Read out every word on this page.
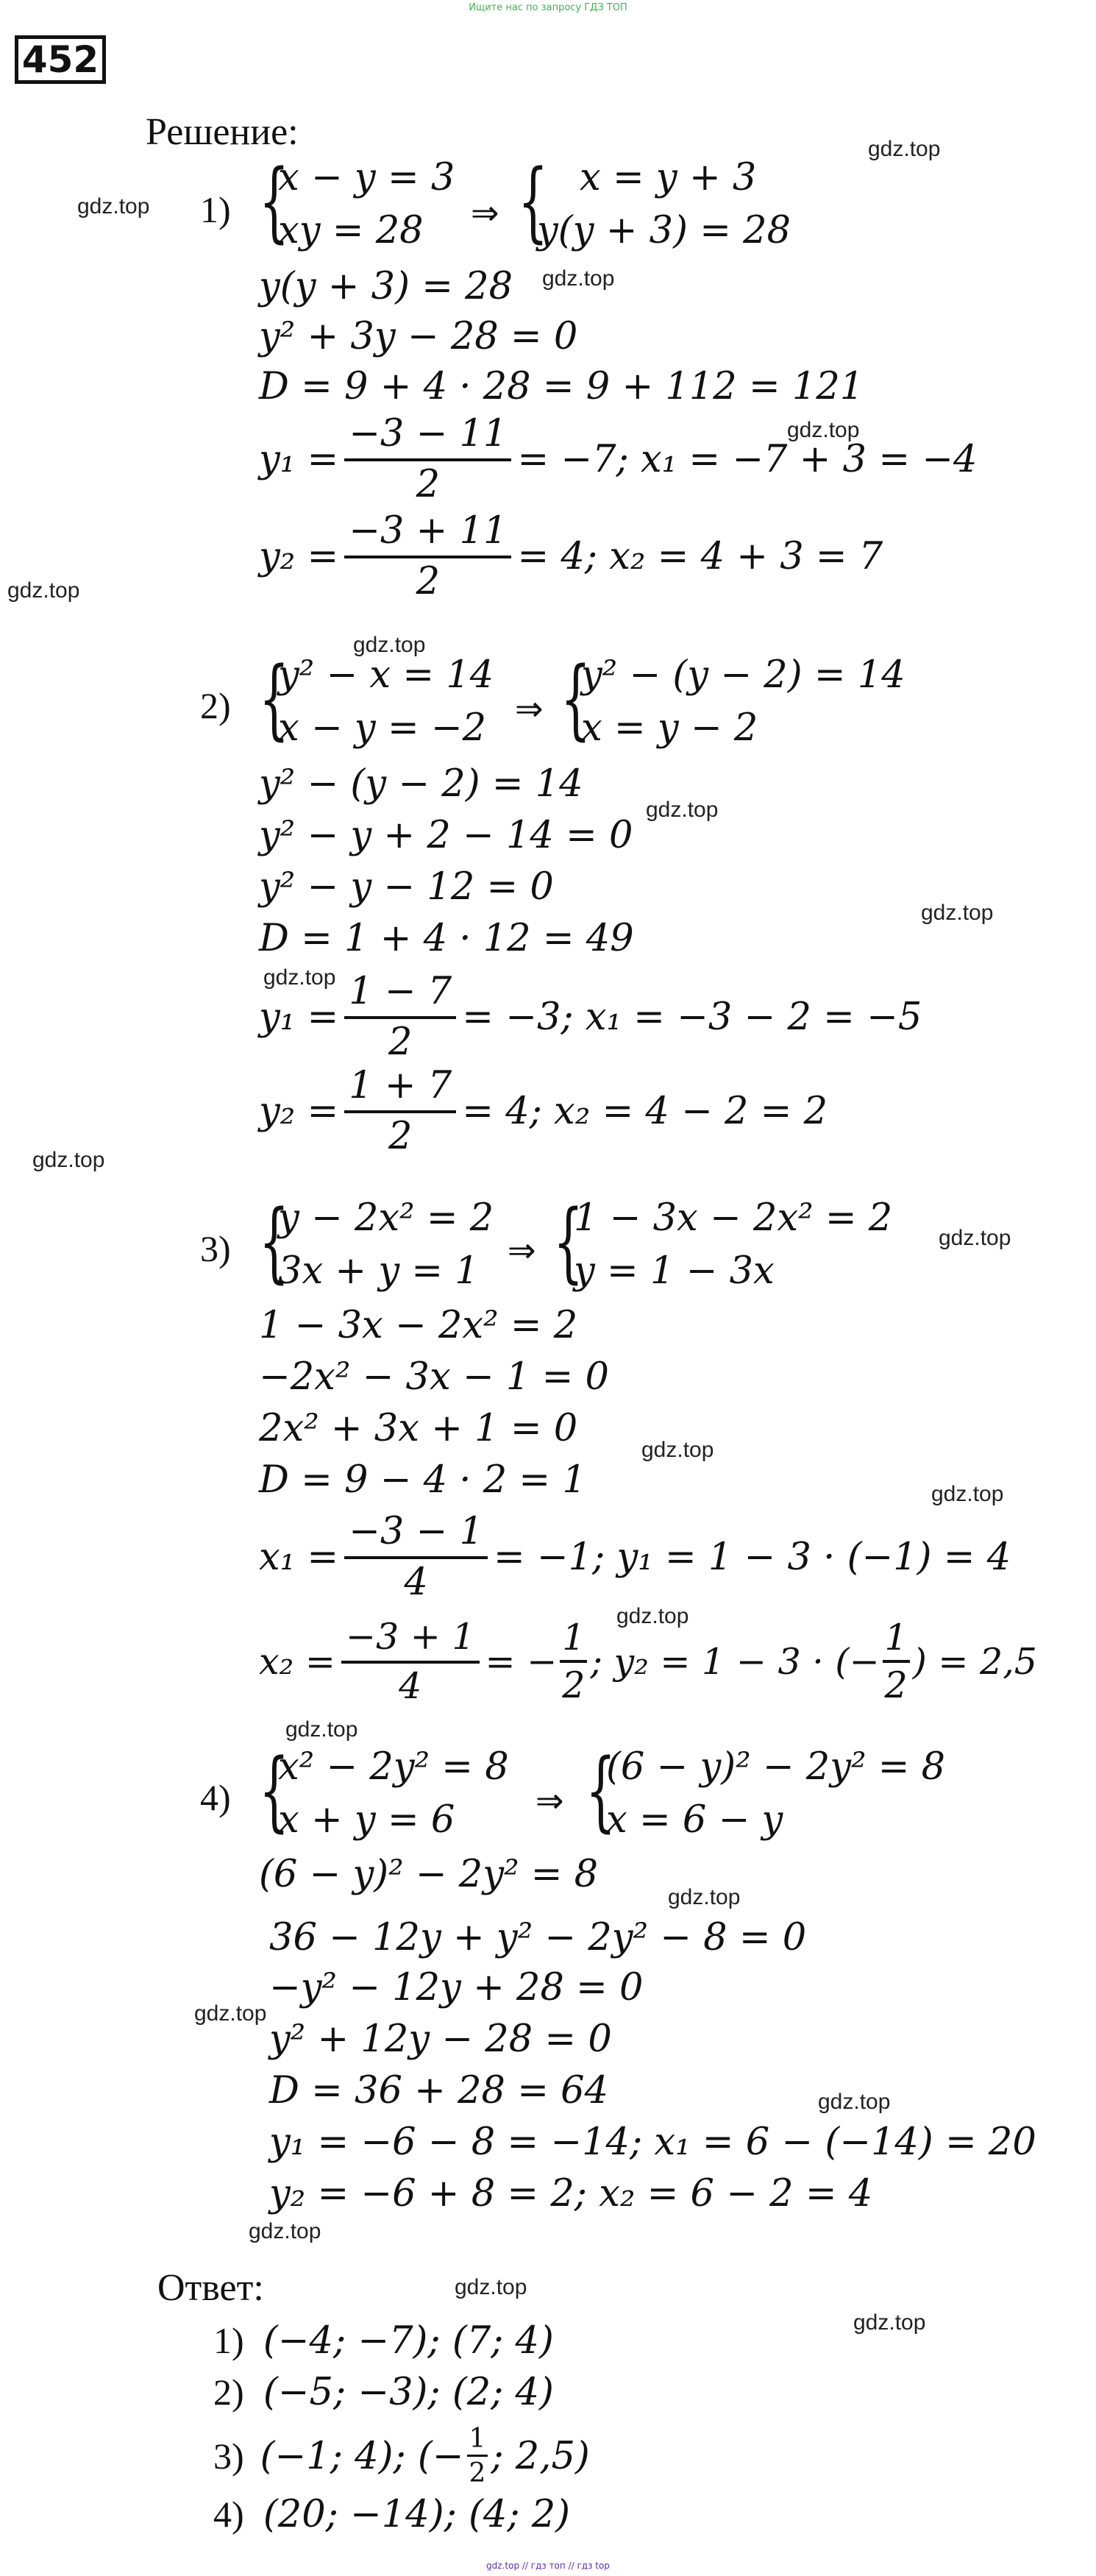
Ищите нас по запросу ГДЗ ТОП
452
Решение:	gdz.top
gdz.top
gdz.top
gdz.top
gdz.top
gdz.top
gdz.top
gdz.top
gdz.top
gdz.top
gdz.top
gdz.top
gdz.top
gdz.top
gdz.top
gdz.top
gdz.top
gdz.top
gdz.top
gdz.top
gdz.top
1) {
x − y = 3
xy = 28 ⇒ { x = y + 3
y(y + 3) = 28
y(y + 3) = 28
y² + 3y − 28 = 0
D = 9 + 4 · 28 = 9 + 112 = 121
$y_1 = \frac{-3 - 11}{2} = -7$; x₁ = −7 + 3 = −4
$y_2 = \frac{-3 + 11}{2} = 4$; x₂ = 4 + 3 = 7
2) {
y² − x = 14
x − y = −2 ⇒ {
y² − (y − 2) = 14
x = y − 2
y² − (y − 2) = 14
y² − y + 2 − 14 = 0
y² − y − 12 = 0
D = 1 + 4 · 12 = 49
$y_1 = \frac{1 - 7}{2} = -3$; x₁ = −3 − 2 = −5
$y_2 = \frac{1 + 7}{2} = 4$; x₂ = 4 − 2 = 2
3) {
y − 2x² = 2
3x + y = 1 ⇒ {
1 − 3x − 2x² = 2
y = 1 − 3x
1 − 3x − 2x² = 2
−2x² − 3x − 1 = 0
2x² + 3x + 1 = 0
D = 9 − 4 · 2 = 1
$x_1 = \frac{-3 - 1}{4} = -1$; y₁ = 1 − 3 · (−1) = 4
$x_2 = \frac{-3 + 1}{4}$ = − $\frac{1}{2}$ ; y₂ = 1 − 3 · (− $\frac{1}{2}$ ) = 2,5
4) {
x² − 2y² = 8
x + y = 6 ⇒ {
(6 − y)² − 2y² = 8
x = 6 − y
(6 − y)² − 2y² = 8
36 − 12y + y² − 2y² − 8 = 0
−y² − 12y + 28 = 0
y² + 12y − 28 = 0
D = 36 + 28 = 64
y₁ = −6 − 8 = −14; x₁ = 6 − (−14) = 20
y₂ = −6 + 8 = 2; x₂ = 6 − 2 = 4
Ответ:
1) (−4; −7); (7; 4)
2) (−5; −3); (2; 4)
3) (−1; 4); (− $\frac{1}{2}$ ; 2,5)
4) (20; −14); (4; 2)
gdz.top // гдз топ // гдз top
